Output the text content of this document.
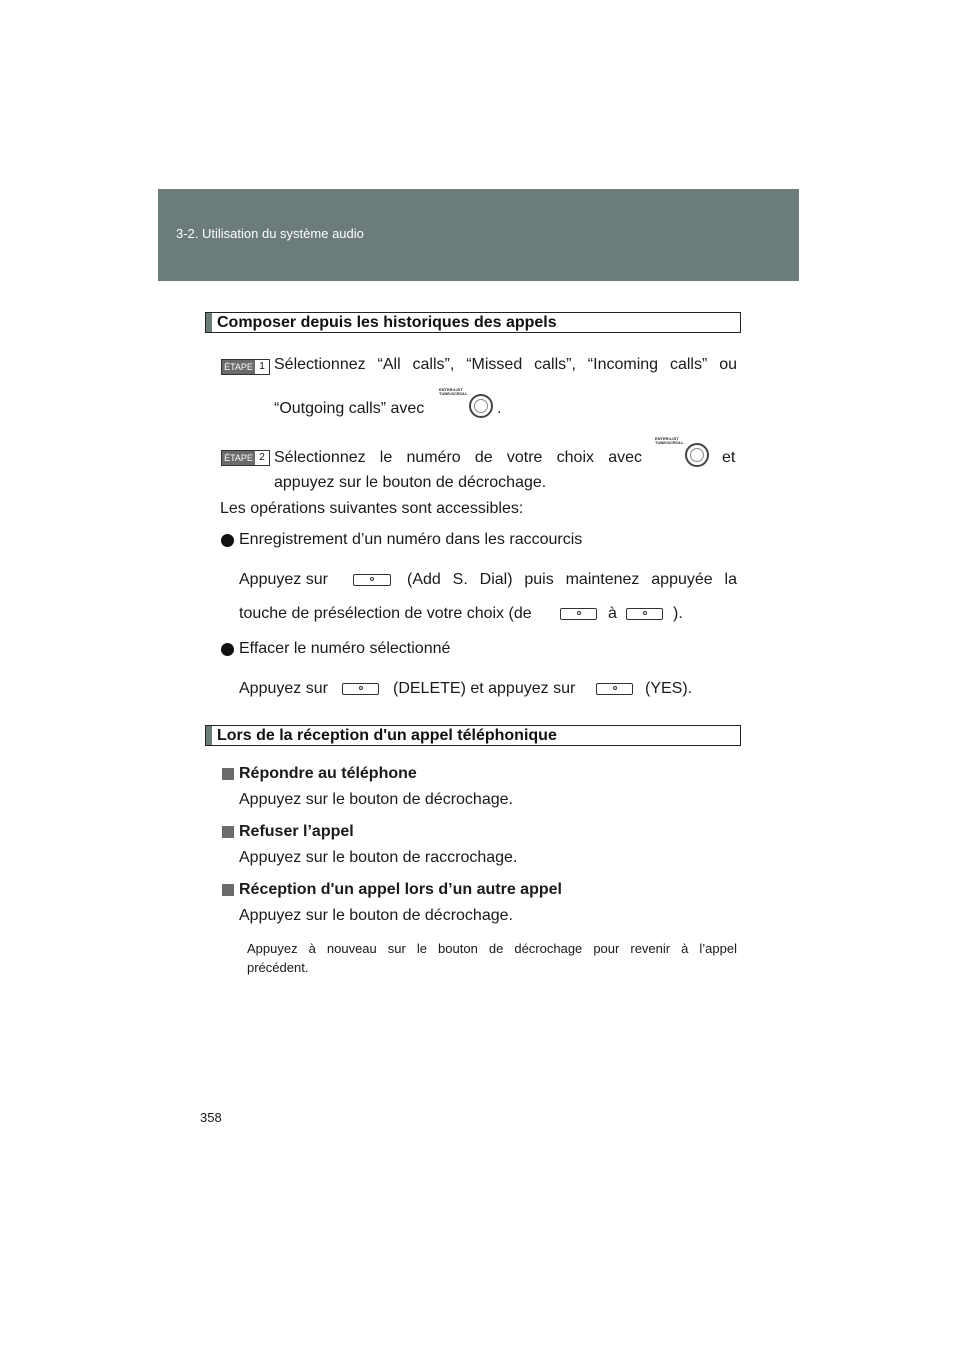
3-2. Utilisation du système audio
Composer depuis les historiques des appels
ÉTAPE 1 Sélectionnez “All calls”, “Missed calls”, “Incoming calls” ou
“Outgoing calls” avec
ENTER•LIST
TUNE•SCROLL
.
ÉTAPE 2 Sélectionnez le numéro de votre choix avec
ENTER•LIST
TUNE•SCROLL
et
appuyez sur le bouton de décrochage.
Les opérations suivantes sont accessibles:
Enregistrement d’un numéro dans les raccourcis
Appuyez sur	(Add S. Dial) puis maintenez appuyée la
touche de présélection de votre choix (de	à	).
Effacer le numéro sélectionné
Appuyez sur	(DELETE) et appuyez sur	(YES).
Lors de la réception d'un appel téléphonique
Répondre au téléphone
Appuyez sur le bouton de décrochage.
Refuser l’appel
Appuyez sur le bouton de raccrochage.
Réception d'un appel lors d’un autre appel
Appuyez sur le bouton de décrochage.
Appuyez à nouveau sur le bouton de décrochage pour revenir à l’appel
précédent.
358
